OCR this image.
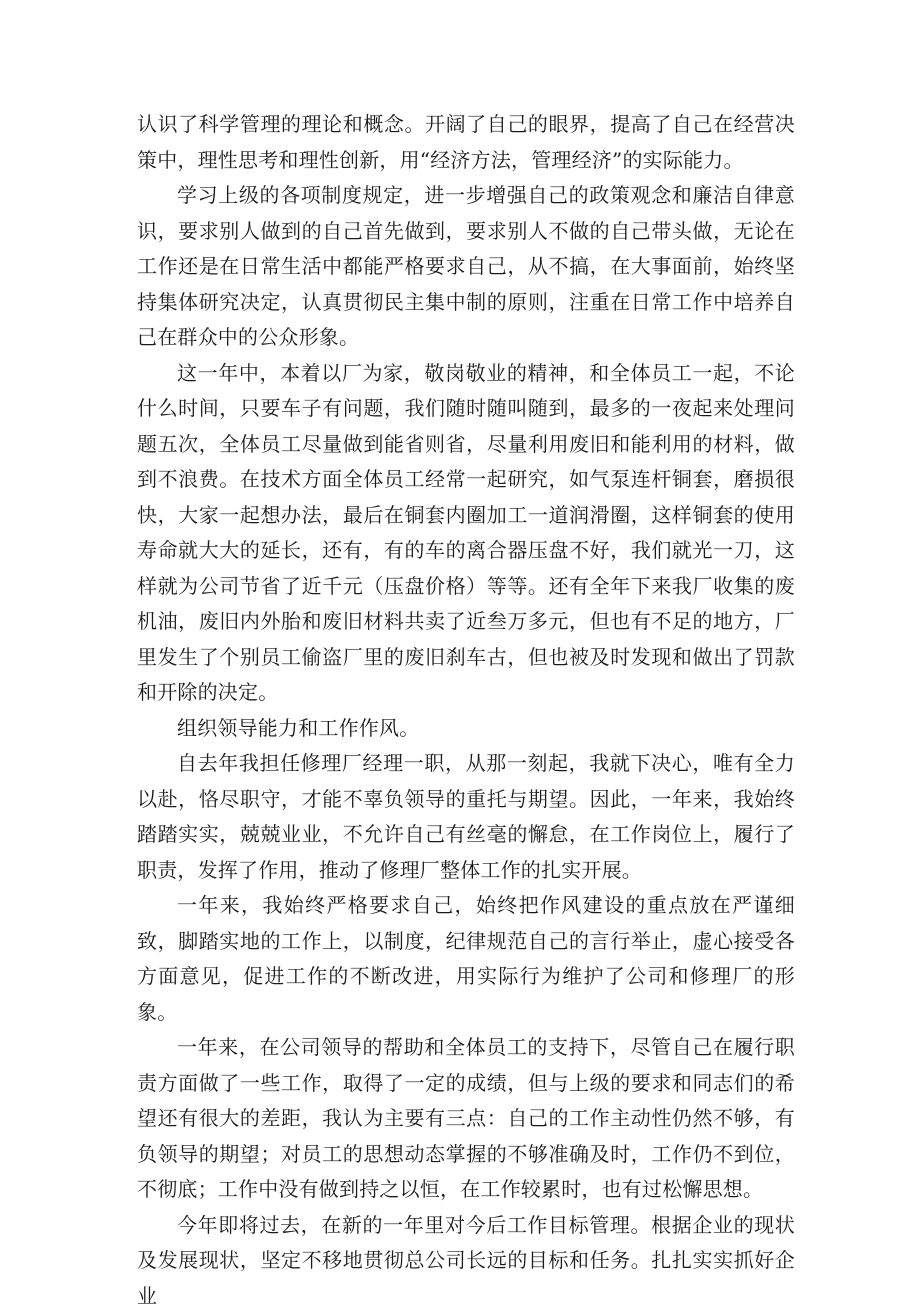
认识了科学管理的理论和概念。开阔了自己的眼界，提高了自己在经营决策中，理性思考和理性创新，用“经济方法，管理经济”的实际能力。

学习上级的各项制度规定，进一步增强自己的政策观念和廉洁自律意识，要求别人做到的自己首先做到，要求别人不做的自己带头做，无论在工作还是在日常生活中都能严格要求自己，从不搞，在大事面前，始终坚持集体研究决定，认真贯彻民主集中制的原则，注重在日常工作中培养自己在群众中的公众形象。

这一年中，本着以厂为家，敬岗敬业的精神，和全体员工一起，不论什么时间，只要车子有问题，我们随时随叫随到，最多的一夜起来处理问题五次，全体员工尽量做到能省则省，尽量利用废旧和能利用的材料，做到不浪费。在技术方面全体员工经常一起研究，如气泵连杆铜套，磨损很快，大家一起想办法，最后在铜套内圈加工一道润滑圈，这样铜套的使用寿命就大大的延长，还有，有的车的离合器压盘不好，我们就光一刀，这样就为公司节省了近千元（压盘价格）等等。还有全年下来我厂收集的废机油，废旧内外胎和废旧材料共卖了近叁万多元，但也有不足的地方，厂里发生了个别员工偷盗厂里的废旧刹车古，但也被及时发现和做出了罚款和开除的决定。

组织领导能力和工作作风。

自去年我担任修理厂经理一职，从那一刻起，我就下决心，唯有全力以赴，恪尽职守，才能不辜负领导的重托与期望。因此，一年来，我始终踏踏实实，兢兢业业，不允许自己有丝毫的懈怠，在工作岗位上，履行了职责，发挥了作用，推动了修理厂整体工作的扎实开展。

一年来，我始终严格要求自己，始终把作风建设的重点放在严谨细致，脚踏实地的工作上，以制度，纪律规范自己的言行举止，虚心接受各方面意见，促进工作的不断改进，用实际行为维护了公司和修理厂的形象。

一年来，在公司领导的帮助和全体员工的支持下，尽管自己在履行职责方面做了一些工作，取得了一定的成绩，但与上级的要求和同志们的希望还有很大的差距，我认为主要有三点：自己的工作主动性仍然不够，有负领导的期望；对员工的思想动态掌握的不够准确及时，工作仍不到位，不彻底；工作中没有做到持之以恒，在工作较累时，也有过松懈思想。

今年即将过去，在新的一年里对今后工作目标管理。根据企业的现状及发展现状，坚定不移地贯彻总公司长远的目标和任务。扎扎实实抓好企业
